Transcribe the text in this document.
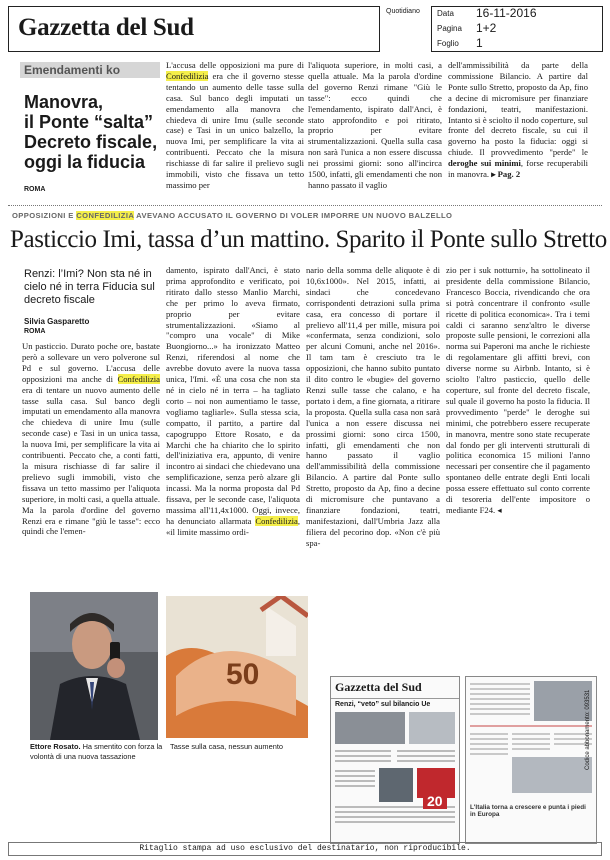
Gazzetta del Sud
Quotidiano Data 16-11-2016
Pagina 1+2
Foglio 1
Emendamenti ko
Manovra,
il Ponte “salta”
Decreto fiscale,
oggi la fiducia
ROMA
L'accusa delle opposizioni ma pure di Confedilizia era che il governo stesse tentando un aumento delle tasse sulla casa. Sul banco degli imputati un emendamento alla manovra che chiedeva di unire Imu (sulle seconde case) e Tasi in un unico balzello, la nuova Imi, per semplificare la vita ai contribuenti. Peccato che la misura rischiasse di far salire il prelievo sugli immobili, visto che fissava un tetto massimo per
l'aliquota superiore, in molti casi, a quella attuale. Ma la parola d'ordine del governo Renzi rimane "Giù le tasse": ecco quindi che l'emendamento, ispirato dall'Anci, è stato approfondito e poi ritirato, proprio per evitare strumentalizzazioni. Quella sulla casa non sarà l'unica a non essere discussa nei prossimi giorni: sono all'incirca 1500, infatti, gli emendamenti che non hanno passato il vaglio
dell'ammissibilità da parte della commissione Bilancio. A partire dal Ponte sullo Stretto, proposto da Ap, fino a decine di micromisure per finanziare fondazioni, teatri, manifestazioni. Intanto si è sciolto il nodo coperture, sul fronte del decreto fiscale, su cui il governo ha posto la fiducia: oggi si chiude. Il provvedimento "perde" le deroghe sui minimi, forse recuperabili in manovra. ▸ Pag. 2
OPPOSIZIONI E CONFEDILIZIA AVEVANO ACCUSATO IL GOVERNO DI VOLER IMPORRE UN NUOVO BALZELLO
Pasticcio Imi, tassa d’un mattino. Sparito il Ponte sullo Stretto
Renzi: l’Imi? Non sta né in cielo né in terra Fiducia sul decreto fiscale
Silvia Gasparetto
ROMA
Un pasticcio. Durato poche ore, bastate però a sollevare un vero polverone sul Pd e sul governo. L'accusa delle opposizioni ma anche di Confedilizia era di tentare un nuovo aumento delle tasse sulla casa. Sul banco degli imputati un emendamento alla manovra che chiedeva di unire Imu (sulle seconde case) e Tasi in un unica tassa, la nuova Imi, per semplificare la vita ai contribuenti. Peccato che, a conti fatti, la misura rischiasse di far salire il prelievo sugli immobili, visto che fissava un tetto massimo per l'aliquota superiore, in molti casi, a quella attuale. Ma la parola d'ordine del governo Renzi era e rimane "giù le tasse": ecco quindi che l'emen-
damento, ispirato dall'Anci, è stato prima approfondito e verificato, poi ritirato dallo stesso Manlio Marchi, che per primo lo aveva firmato, proprio per evitare strumentalizzazioni. «Siamo al "compro una vocale" di Mike Buongiorno...» ha ironizzato Matteo Renzi, riferendosi al nome che avrebbe dovuto avere la nuova tassa unica, l'Imi. «È una cosa che non sta né in cielo né in terra – ha tagliato corto – noi non aumentiamo le tasse, vogliamo tagliarle». Sulla stessa scia, compatto, il partito, a partire dal capogruppo Ettore Rosato, e da Marchi che ha chiarito che lo spirito dell'iniziativa era, appunto, di venire incontro ai sindaci che chiedevano una semplificazione, senza però alzare gli incassi. Ma la norma proposta dal Pd fissava, per le seconde case, l'aliquota massima all'11,4x1000. Oggi, invece, ha denunciato allarmata Confedilizia, «il limite massimo ordi-
nario della somma delle aliquote è di 10,6x1000». Nel 2015, infatti, ai sindaci che concedevano corrispondenti detrazioni sulla prima casa, era concesso di portare il prelievo all'11,4 per mille, misura poi «confermata, senza condizioni, solo per alcuni Comuni, anche nel 2016». Il tam tam è cresciuto tra le opposizioni, che hanno subito puntato il dito contro le «bugie» del governo Renzi sulle tasse che calano, e ha portato i dem, a fine giornata, a ritirare la proposta. Quella sulla casa non sarà l'unica a non essere discussa nei prossimi giorni: sono circa 1500, infatti, gli emendamenti che non hanno passato il vaglio dell'ammissibilità della commissione Bilancio. A partire dal Ponte sullo Stretto, proposto da Ap, fino a decine di micromisure che puntavano a finanziare fondazioni, teatri, manifestazioni, dall'Umbria Jazz alla filiera del pecorino dop. «Non c'è più spa-
zio per i suk notturni», ha sottolineato il presidente della commissione Bilancio, Francesco Boccia, rivendicando che ora si potrà concentrare il confronto «sulle ricette di politica economica». Tra i temi caldi ci saranno senz'altro le diverse proposte sulle pensioni, le correzioni alla norma sui Paperoni ma anche le richieste di regolamentare gli affitti brevi, con diverse norme su Airbnb. Intanto, si è sciolto l'altro pasticcio, quello delle coperture, sul fronte del decreto fiscale, sul quale il governo ha posto la fiducia. Il provvedimento "perde" le deroghe sui minimi, che potrebbero essere recuperate in manovra, mentre sono state recuperate dal fondo per gli interventi strutturali di politica economica 15 milioni l'anno necessari per consentire che il pagamento spontaneo delle entrate degli Enti locali possa essere effettuato sul conto corrente di tesoreria dell'ente impositore o mediante F24. ◂
50
Ettore Rosato. Ha smentito con forza la volontà di una nuova tassazione
Tasse sulla casa, nessun aumento
Gazzetta del Sud
Renzi, “veto” sul bilancio Ue
20	L'Italia torna a crescere e punta i piedi in Europa
Codice abbonamento: 093531
Ritaglio stampa ad uso esclusivo del destinatario, non riproducibile.
